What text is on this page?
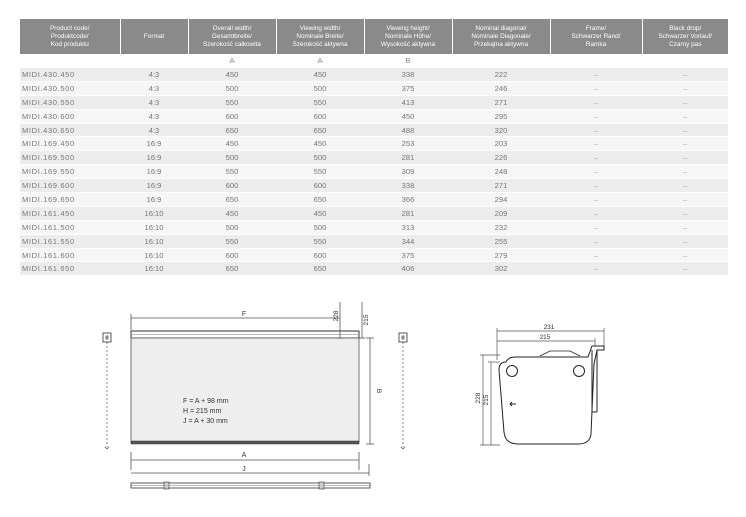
Product code/
Produktcode/
Kod produktu	Format	Overall width/
Gesamtbreite/
Szerokość całkowita	Viewing width/
Nominale Breite/
Szerokość aktywna	Viewing height/
Nominale Höhe/
Wysokość aktywna	Nominal diagonal/
Nominale Diagonale/
Przekątna aktywna	Frame/
Schwarzer Rand/
Ramka	Black drop/
Schwarzer Vorlauf/
Czarny pas
		A	A	B			
MIDI.430.450	4:3	450	450	338	222	–	–
MIDI.430.500	4:3	500	500	375	246	–	–
MIDI.430.550	4:3	550	550	413	271	–	–
MIDI.430.600	4:3	600	600	450	295	–	–
MIDI.430.650	4:3	650	650	488	320	–	–
MIDI.169.450	16:9	450	450	253	203	–	–
MIDI.169.500	16:9	500	500	281	226	–	–
MIDI.169.550	16:9	550	550	309	248	–	–
MIDI.169.600	16:9	600	600	338	271	–	–
MIDI.169.650	16:9	650	650	366	294	–	–
MIDI.161.450	16:10	450	450	281	209	–	–
MIDI.161.500	16:10	500	500	313	232	–	–
MIDI.161.550	16:10	550	550	344	255	–	–
MIDI.161.600	16:10	600	600	375	279	–	–
MIDI.161.650	16:10	650	650	406	302	–	–
F	228	215
B
A
J
F = A + 98 mm
H = 215 mm
J = A + 30 mm
231
215
228 215
